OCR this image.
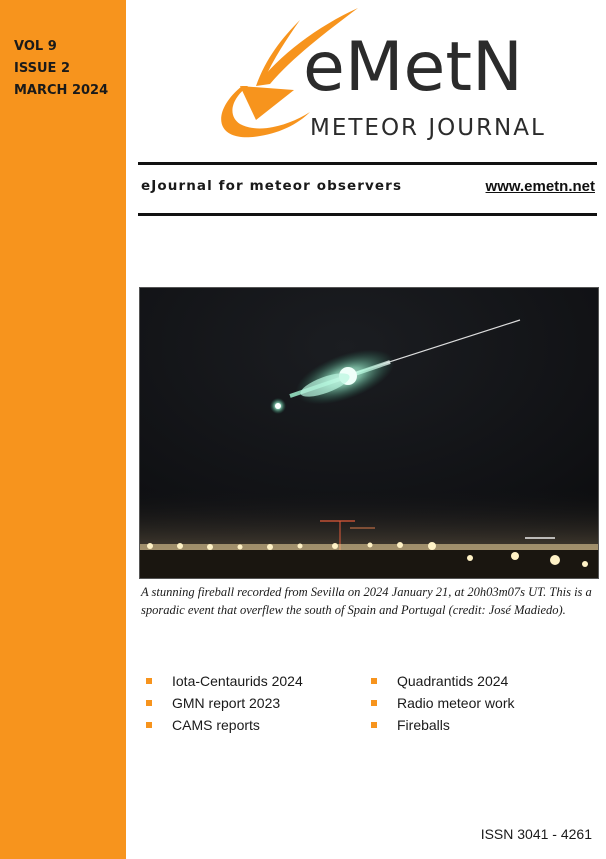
VOL 9
ISSUE 2
MARCH 2024	eMetN
METEOR JOURNAL
eJournal for meteor observers	www.emetn.net
A stunning fireball recorded from Sevilla on 2024 January 21, at 20h03m07s UT. This is a sporadic event that overflew the south of Spain and Portugal (credit: José Madiedo).
Iota-Centaurids 2024
GMN report 2023
CAMS reports
Quadrantids 2024
Radio meteor work
Fireballs
ISSN 3041 - 4261
